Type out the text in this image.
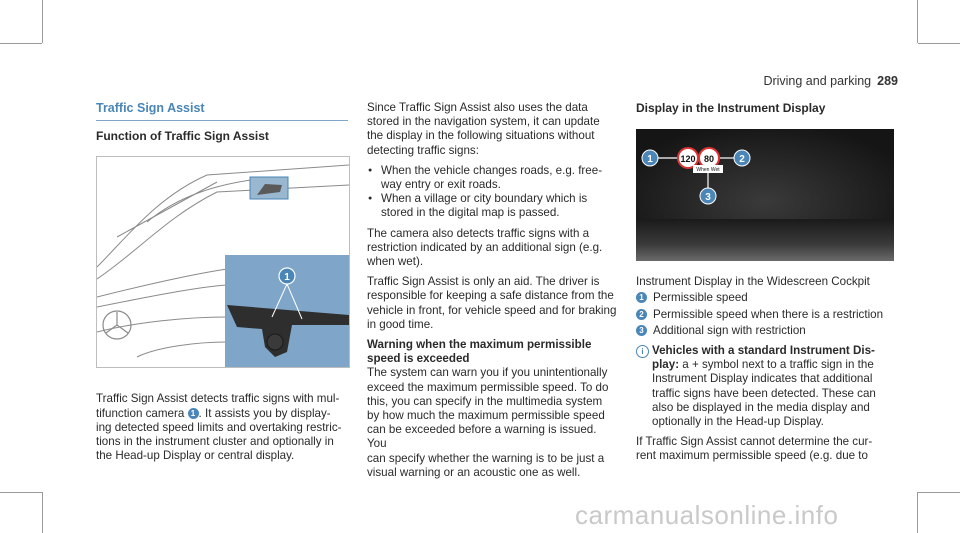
Driving and parking 289
Traffic Sign Assist
Function of Traffic Sign Assist
1
Traffic Sign Assist detects traffic signs with mul-
tifunction camera 1 . It assists you by display-
ing detected speed limits and overtaking restric-
tions in the instrument cluster and optionally in
the Head-up Display or central display.

Since Traffic Sign Assist also uses the data
stored in the navigation system, it can update
the display in the following situations without
detecting traffic signs:

● When the vehicle changes roads, e.g. free-
way entry or exit roads.
● When a village or city boundary which is
stored in the digital map is passed.

The camera also detects traffic signs with a
restriction indicated by an additional sign (e.g.
when wet).

Traffic Sign Assist is only an aid. The driver is
responsible for keeping a safe distance from the
vehicle in front, for vehicle speed and for braking
in good time.

Warning when the maximum permissible
speed is exceeded

The system can warn you if you unintentionally
exceed the maximum permissible speed. To do
this, you can specify in the multimedia system
by how much the maximum permissible speed
can be exceeded before a warning is issued. You
can specify whether the warning is to be just a
visual warning or an acoustic one as well.

Display in the Instrument Display
1	2
3
120 80
When Wet
Instrument Display in the Widescreen Cockpit
1 Permissible speed
2 Permissible speed when there is a restriction
3 Additional sign with restriction
i Vehicles with a standard Instrument Dis-
play: a + symbol next to a traffic sign in the
Instrument Display indicates that additional
traffic signs have been detected. These can
also be displayed in the media display and
optionally in the Head-up Display.
If Traffic Sign Assist cannot determine the cur-
rent maximum permissible speed (e.g. due to
carmanualsonline.info
